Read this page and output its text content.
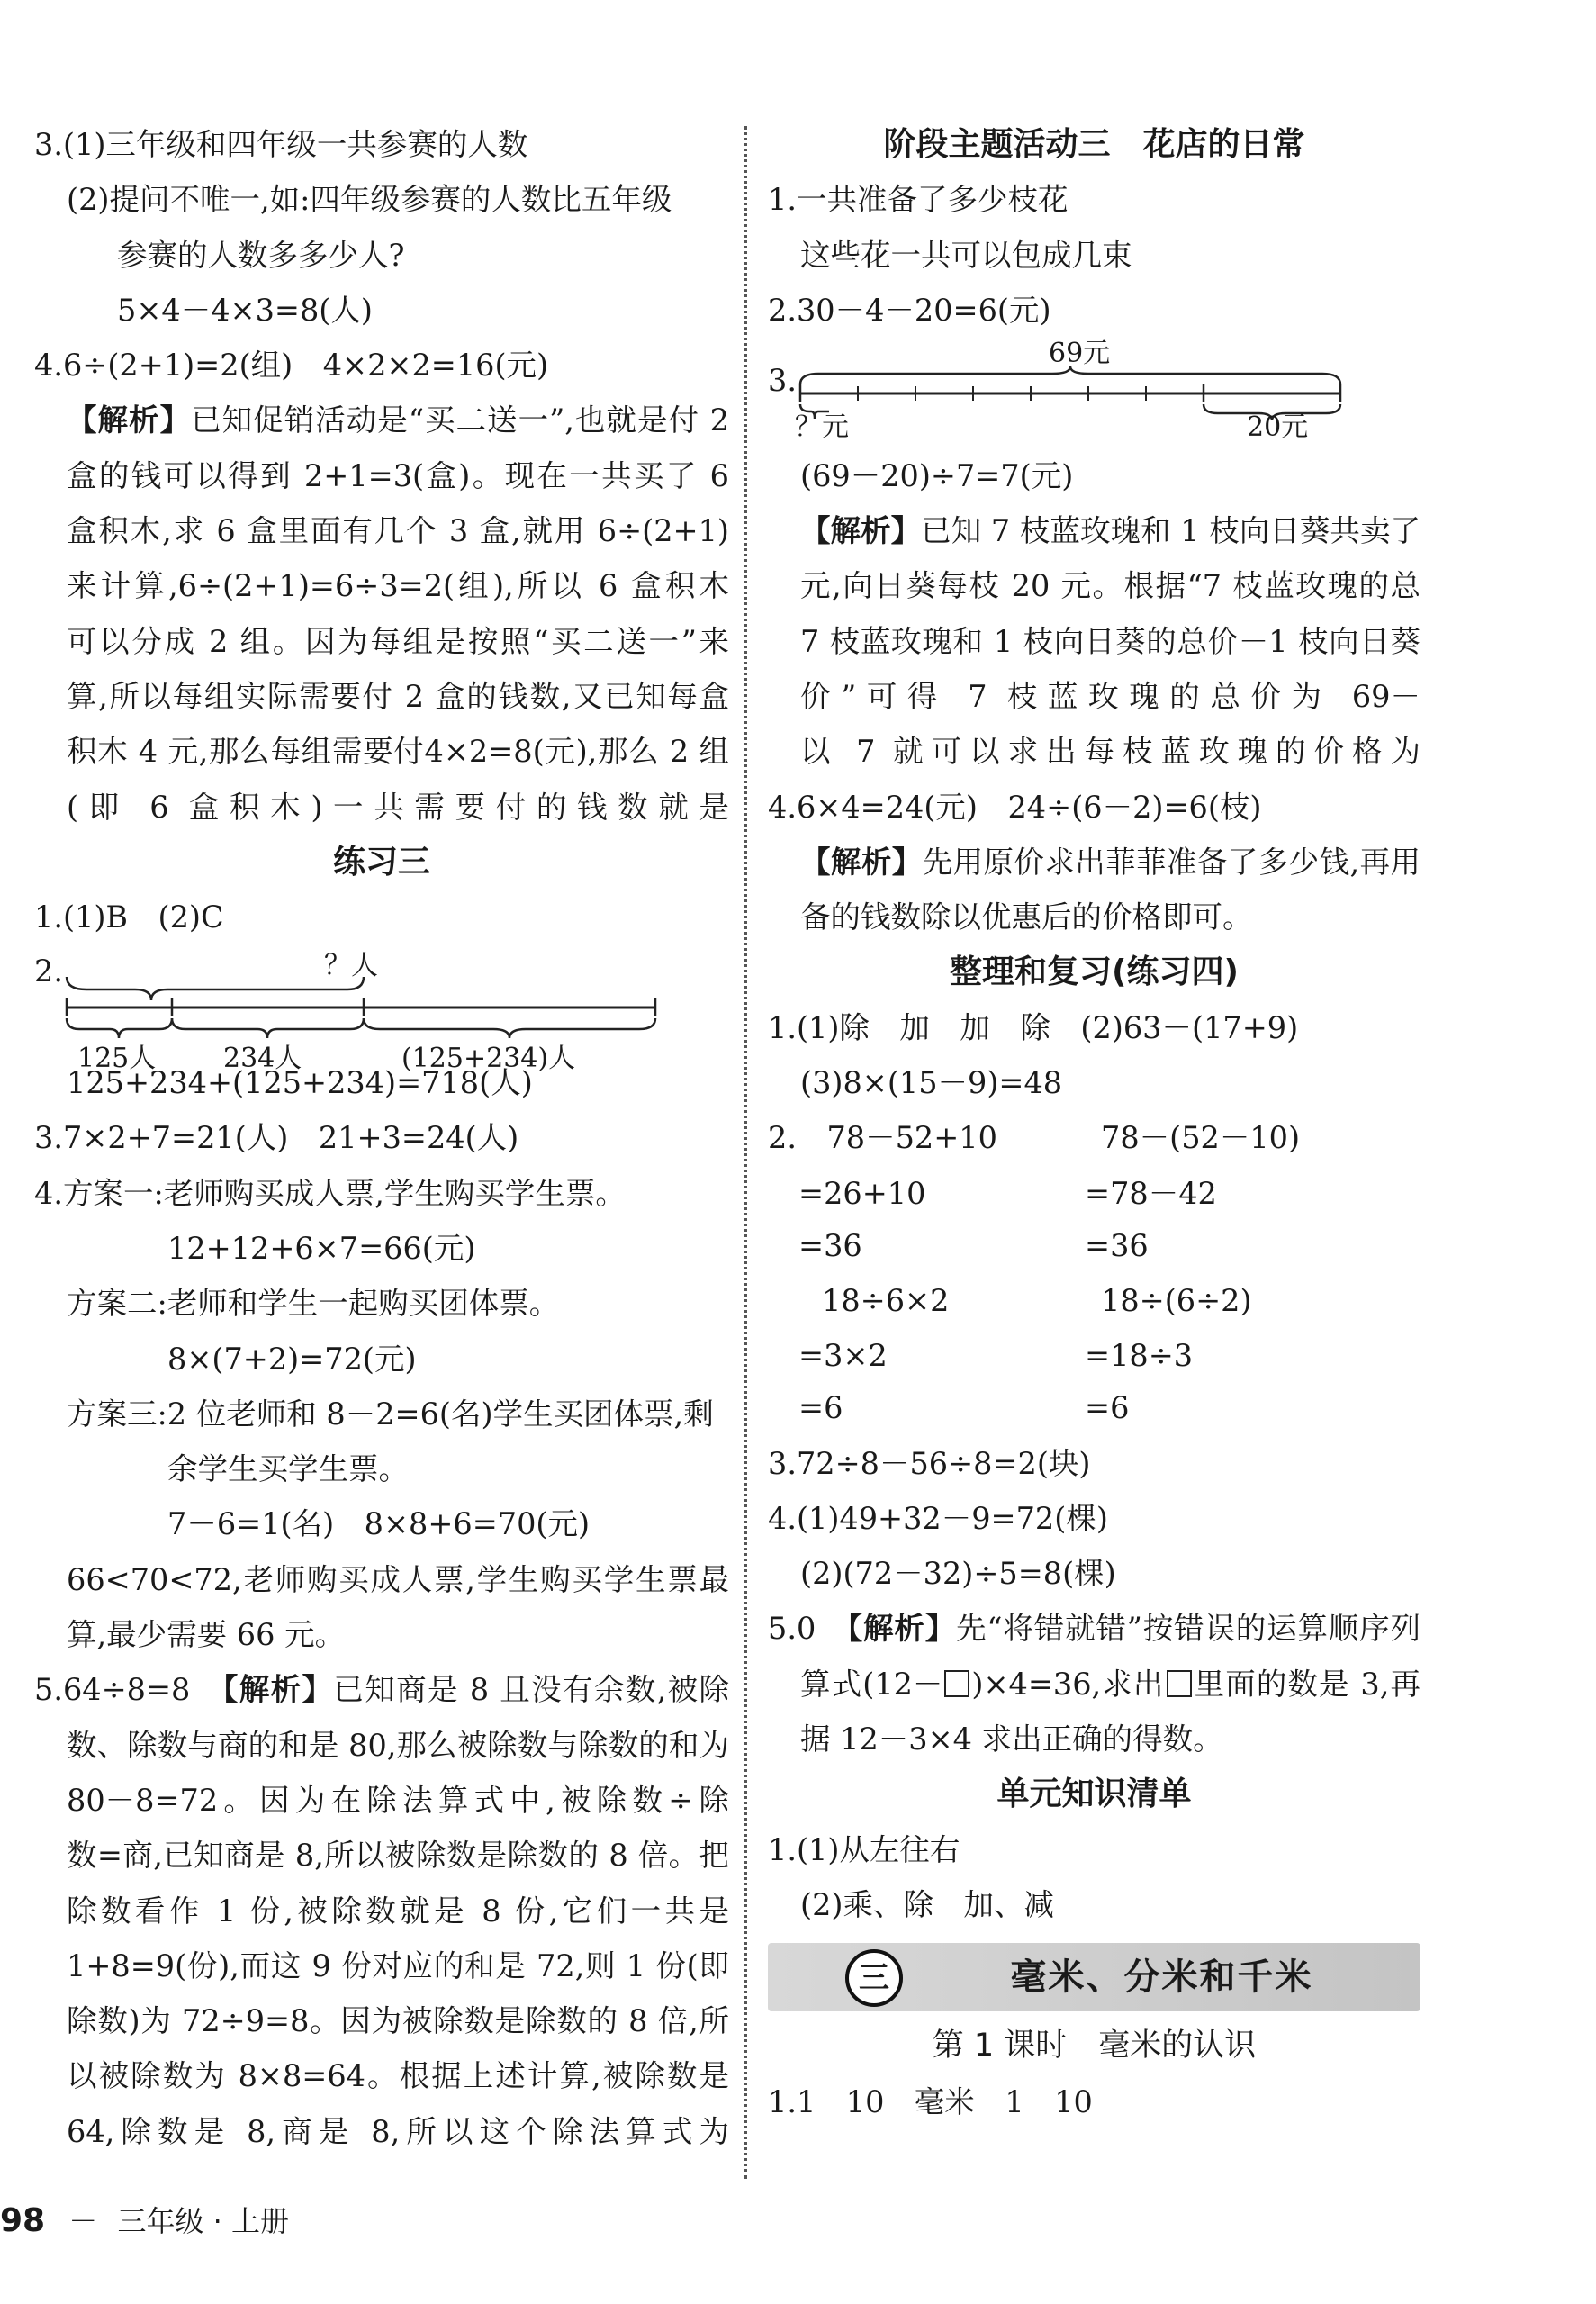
3.(1)三年级和四年级一共参赛的人数
(2)提问不唯一,如:四年级参赛的人数比五年级
参赛的人数多多少人?
5×4－4×3=8(人)
4.6÷(2+1)=2(组)　4×2×2=16(元)
【解析】已知促销活动是“买二送一”,也就是付 2
盒的钱可以得到 2+1=3(盒)。现在一共买了 6
盒积木,求 6 盒里面有几个 3 盒,就用 6÷(2+1)
来计算,6÷(2+1)=6÷3=2(组),所以 6 盒积木
可以分成 2 组。因为每组是按照“买二送一”来
算,所以每组实际需要付 2 盒的钱数,又已知每盒
积木 4 元,那么每组需要付4×2=8(元),那么 2 组
(即 6 盒积木)一共需要付的钱数就是
练习三
1.(1)B　(2)C
2.	？人
125人 234人	(125+234)人
125+234+(125+234)=718(人)
3.7×2+7=21(人)　21+3=24(人)
4.方案一:老师购买成人票,学生购买学生票。
12+12+6×7=66(元)
方案二:老师和学生一起购买团体票。
8×(7+2)=72(元)
方案三:2 位老师和 8－2=6(名)学生买团体票,剩
余学生买学生票。
7－6=1(名)　8×8+6=70(元)
66<70<72,老师购买成人票,学生购买学生票最
算,最少需要 66 元。
5.64÷8=8　【解析】已知商是 8 且没有余数,被除
数、除数与商的和是 80,那么被除数与除数的和为
80－8=72。因为在除法算式中,被除数÷除
数=商,已知商是 8,所以被除数是除数的 8 倍。把
除数看作 1 份,被除数就是 8 份,它们一共是
1+8=9(份),而这 9 份对应的和是 72,则 1 份(即
除数)为 72÷9=8。因为被除数是除数的 8 倍,所
以被除数为 8×8=64。根据上述计算,被除数是
64,除数是 8,商是 8,所以这个除法算式为
阶段主题活动三　花店的日常
1.一共准备了多少枝花
这些花一共可以包成几束
2.30－4－20=6(元)
3.
69元
？元	20元
(69－20)÷7=7(元)
【解析】已知 7 枝蓝玫瑰和 1 枝向日葵共卖了
元,向日葵每枝 20 元。根据“7 枝蓝玫瑰的总
7 枝蓝玫瑰和 1 枝向日葵的总价－1 枝向日葵
价”可得 7 枝蓝玫瑰的总价为 69－
以 7 就可以求出每枝蓝玫瑰的价格为
4.6×4=24(元)　24÷(6－2)=6(枝)
【解析】先用原价求出菲菲准备了多少钱,再用
备的钱数除以优惠后的价格即可。
整理和复习(练习四)
1.(1)除　加　加　除　(2)63－(17+9)
(3)8×(15－9)=48
2.　78－52+10	78－(52－10)
=26+10	=78－42
=36	=36
18÷6×2	18÷(6÷2)
=3×2	=18÷3
=6	=6
3.72÷8－56÷8=2(块)
4.(1)49+32－9=72(棵)
(2)(72－32)÷5=8(棵)
5.0　【解析】先“将错就错”按错误的运算顺序列
算式(12－ )×4=36,求出 里面的数是 3,再
据 12－3×4 求出正确的得数。
单元知识清单
1.(1)从左往右
(2)乘、除　加、减
三	毫米、分米和千米
第 1 课时　毫米的认识
1.1　10　毫米　1　10
98 － 三年级 · 上册
